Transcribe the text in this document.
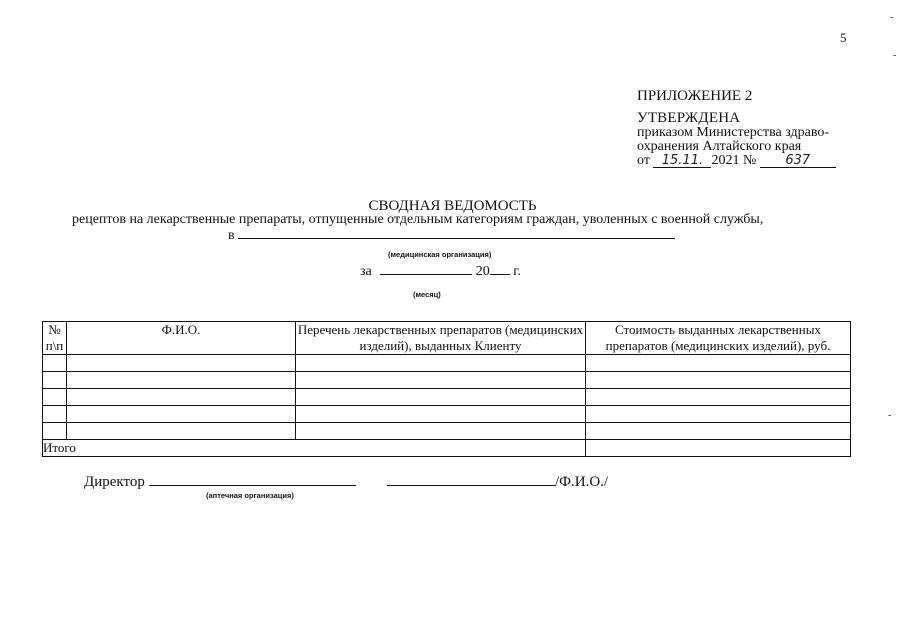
5
-
-
-
ПРИЛОЖЕНИЕ 2
УТВЕРЖДЕНА
приказом Министерства здраво-
охранения Алтайского края

от 15.11. 2021 № 637
СВОДНАЯ ВЕДОМОСТЬ
рецептов на лекарственные препараты, отпущенные отдельным категориям граждан, уволенных с военной службы,
в
(медицинская организация)
за	20 г.
(месяц)
№ п\п	Ф.И.О.	Перечень лекарственных препаратов (медицинских изделий), выданных Клиенту	Стоимость выданных лекарственных препаратов (медицинских изделий), руб.

Итого			
Директор
(аптечная организация)
/Ф.И.О./
